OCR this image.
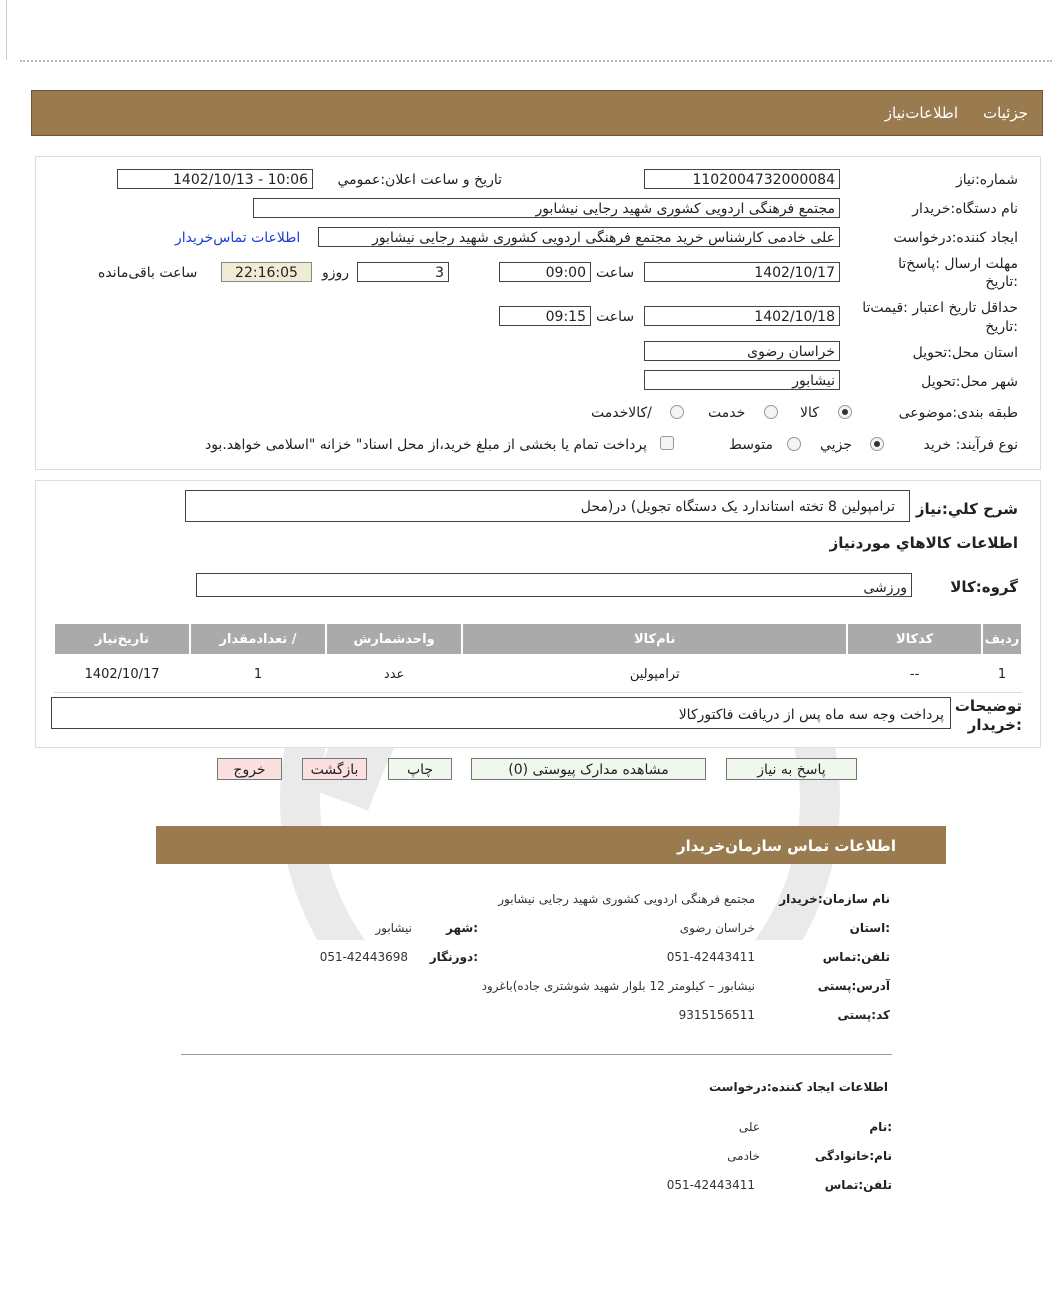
جزئیات
اطلاعات‌نیاز
شماره:نیاز
1102004732000084
تاریخ و ساعت اعلان:عمومي
1402/10/13 - 10:06
نام دستگاه:خریدار
مجتمع فرهنگی اردویی کشوری شهید رجایی نیشابور
ایجاد کننده:درخواست
علی خادمی کارشناس خرید مجتمع فرهنگی اردویی کشوری شهید رجایی نیشابور
اطلاعات تماس‌خریدار
مهلت ارسال :پاسخ‌تا
:تاریخ
1402/10/17
ساعت
09:00
3
روزو
22:16:05
ساعت باقی‌مانده
حداقل تاریخ اعتبار :قیمت‌تا
:تاریخ
1402/10/18
ساعت
09:15
استان محل:تحویل
خراسان رضوی
شهر محل:تحویل
نیشابور
طبقه بندی:موضوعی
کالا
خدمت
/کالاخدمت
نوع فرآیند: خرید
جزيي
متوسط
پرداخت تمام یا بخشی از مبلغ خرید،از محل اسناد" خزانه "اسلامی خواهد.بود
شرح کلي:نياز
ترامپولین 8 تخته استاندارد یک دستگاه تجویل) در(محل
اطلاعات کالاهاي موردنياز
گروه:کالا
ورزشی
رديف	کدکالا	نام‌کالا	واحدشمارش	/ تعدادمقدار	تاريخ‌نياز
1	--	ترامپولین	عدد	1	1402/10/17
توضيحات
:خريدار
پرداخت وجه سه ماه پس از دریافت فاکتورکالا
پاسخ به نياز
مشاهده مدارک پیوستی (0)
چاپ
بازگشت
خروج
اطلاعات تماس سازمان‌خریدار
نام سازمان:خریدار
مجتمع فرهنگی اردویی کشوری شهید رجایی نیشابور
:استان
خراسان رضوی
:شهر
نیشابور
تلفن:تماس
051-42443411
:دورنگار
051-42443698
آدرس:پستی
نیشابور – کیلومتر 12 بلوار شهید شوشتری جاده)باغرود
کد:پستی
9315156511
اطلاعات ایجاد کننده:درخواست
:نام
علی
نام:خانوادگی
خادمی
تلفن:تماس
051-42443411
